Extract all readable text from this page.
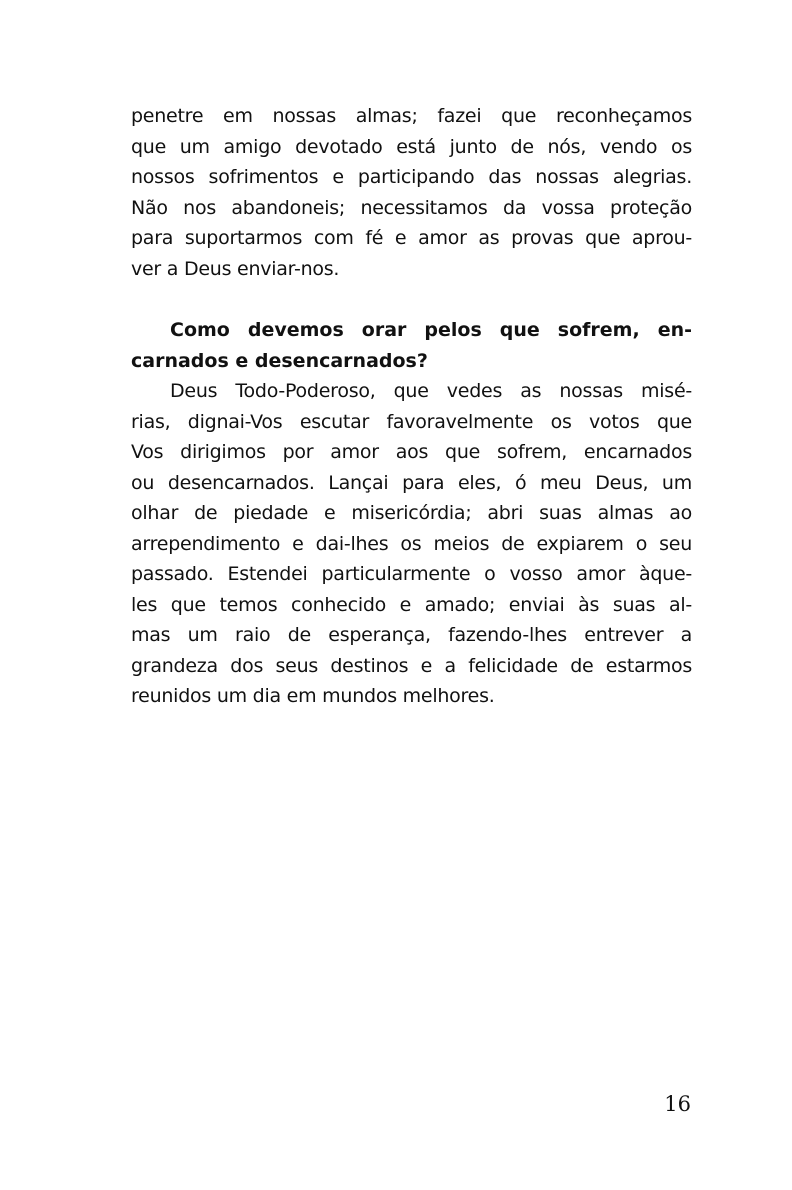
penetre em nossas almas; fazei que reconheçamos
que um amigo devotado está junto de nós, vendo os
nossos sofrimentos e participando das nossas alegrias.
Não nos abandoneis; necessitamos da vossa proteção
para suportarmos com fé e amor as provas que aprou-
ver a Deus enviar-nos.
Como devemos orar pelos que sofrem, en-
carnados e desencarnados?
Deus Todo-Poderoso, que vedes as nossas misé-
rias, dignai-Vos escutar favoravelmente os votos que
Vos dirigimos por amor aos que sofrem, encarnados
ou desencarnados. Lançai para eles, ó meu Deus, um
olhar de piedade e misericórdia; abri suas almas ao
arrependimento e dai-lhes os meios de expiarem o seu
passado. Estendei particularmente o vosso amor àque-
les que temos conhecido e amado; enviai às suas al-
mas um raio de esperança, fazendo-lhes entrever a
grandeza dos seus destinos e a felicidade de estarmos
reunidos um dia em mundos melhores.
16
